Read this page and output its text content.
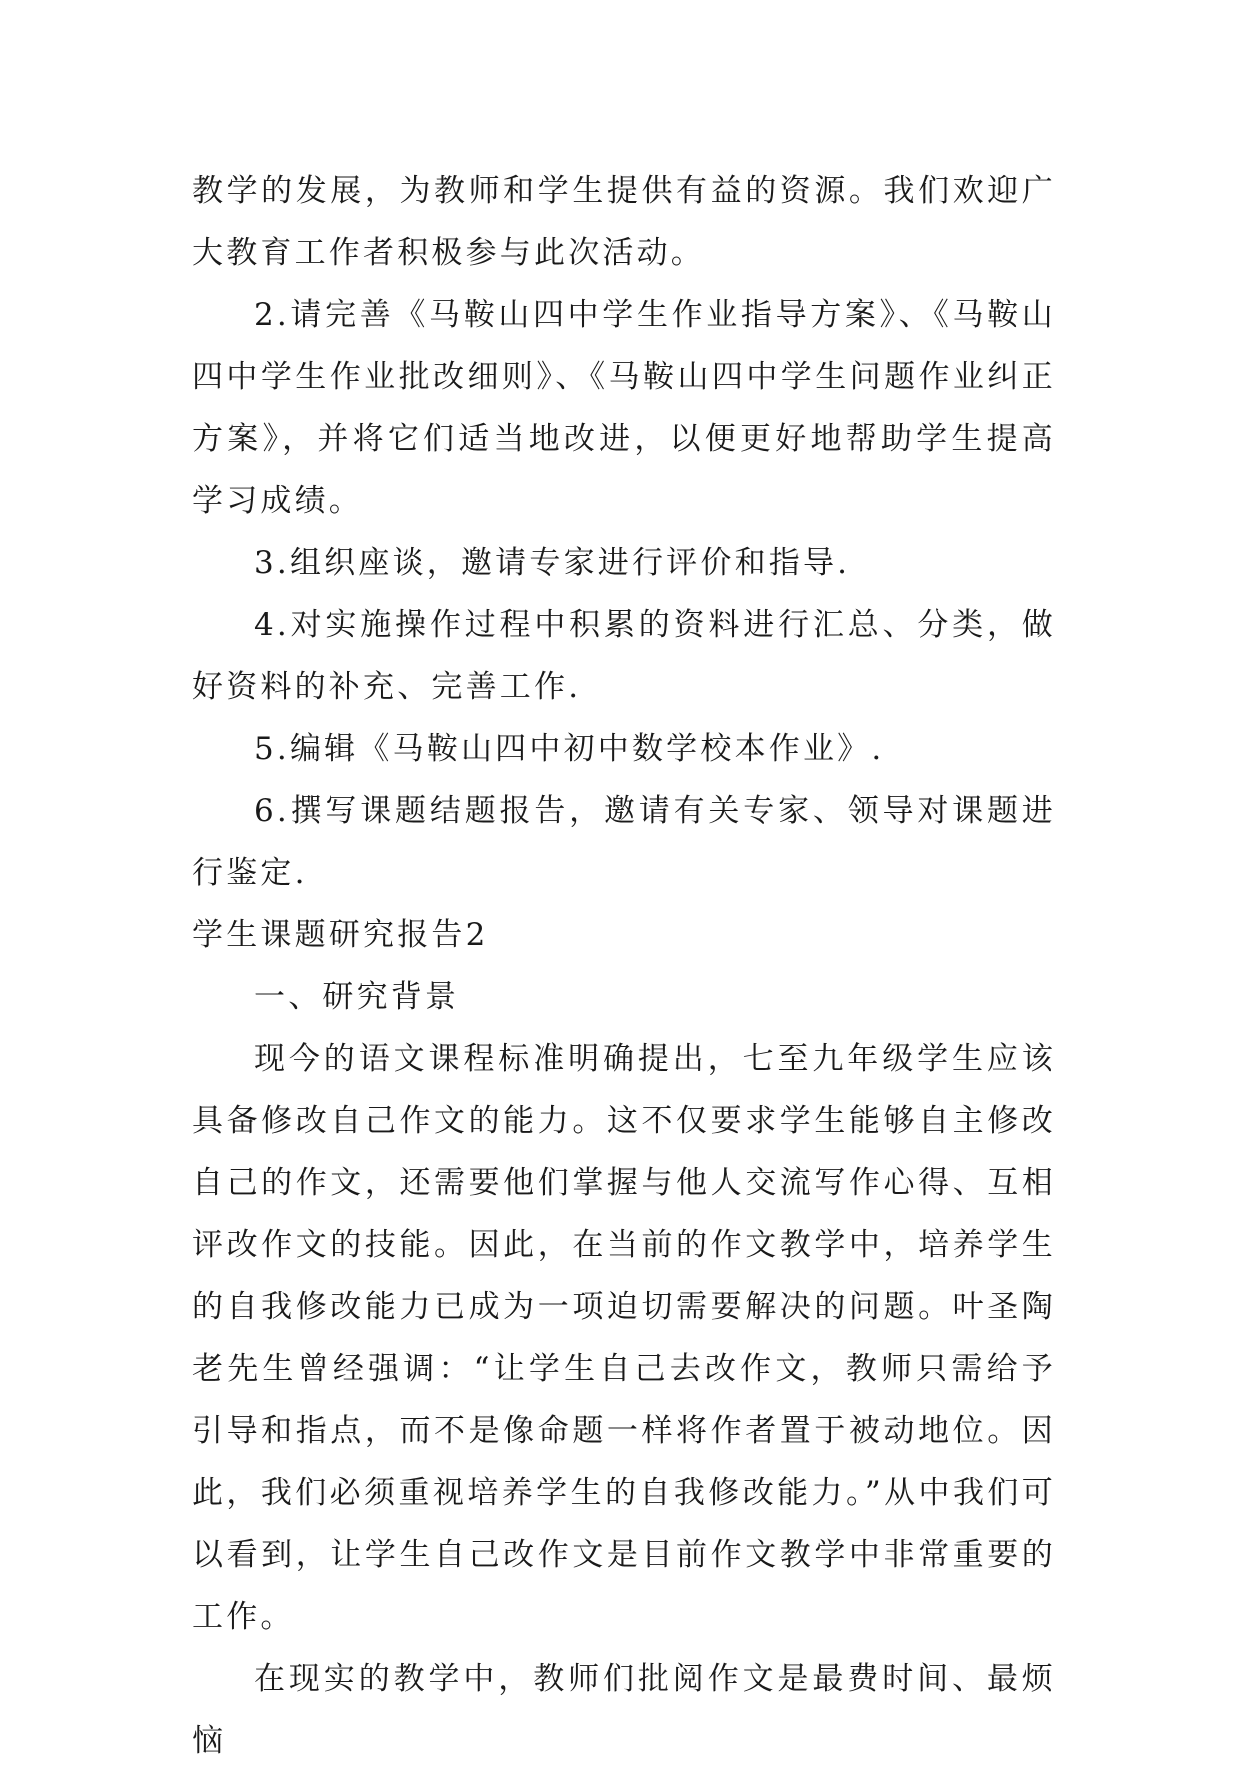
教学的发展，为教师和学生提供有益的资源。我们欢迎广大教育工作者积极参与此次活动。

2.请完善《马鞍山四中学生作业指导方案》、《马鞍山四中学生作业批改细则》、《马鞍山四中学生问题作业纠正方案》，并将它们适当地改进，以便更好地帮助学生提高学习成绩。

3.组织座谈，邀请专家进行评价和指导.

4.对实施操作过程中积累的资料进行汇总、分类，做好资料的补充、完善工作.

5.编辑《马鞍山四中初中数学校本作业》.

6.撰写课题结题报告，邀请有关专家、领导对课题进行鉴定.

学生课题研究报告2

一、研究背景

现今的语文课程标准明确提出，七至九年级学生应该具备修改自己作文的能力。这不仅要求学生能够自主修改自己的作文，还需要他们掌握与他人交流写作心得、互相评改作文的技能。因此，在当前的作文教学中，培养学生的自我修改能力已成为一项迫切需要解决的问题。叶圣陶老先生曾经强调：“让学生自己去改作文，教师只需给予引导和指点，而不是像命题一样将作者置于被动地位。因此，我们必须重视培养学生的自我修改能力。”从中我们可以看到，让学生自己改作文是目前作文教学中非常重要的工作。

在现实的教学中，教师们批阅作文是最费时间、最烦恼
